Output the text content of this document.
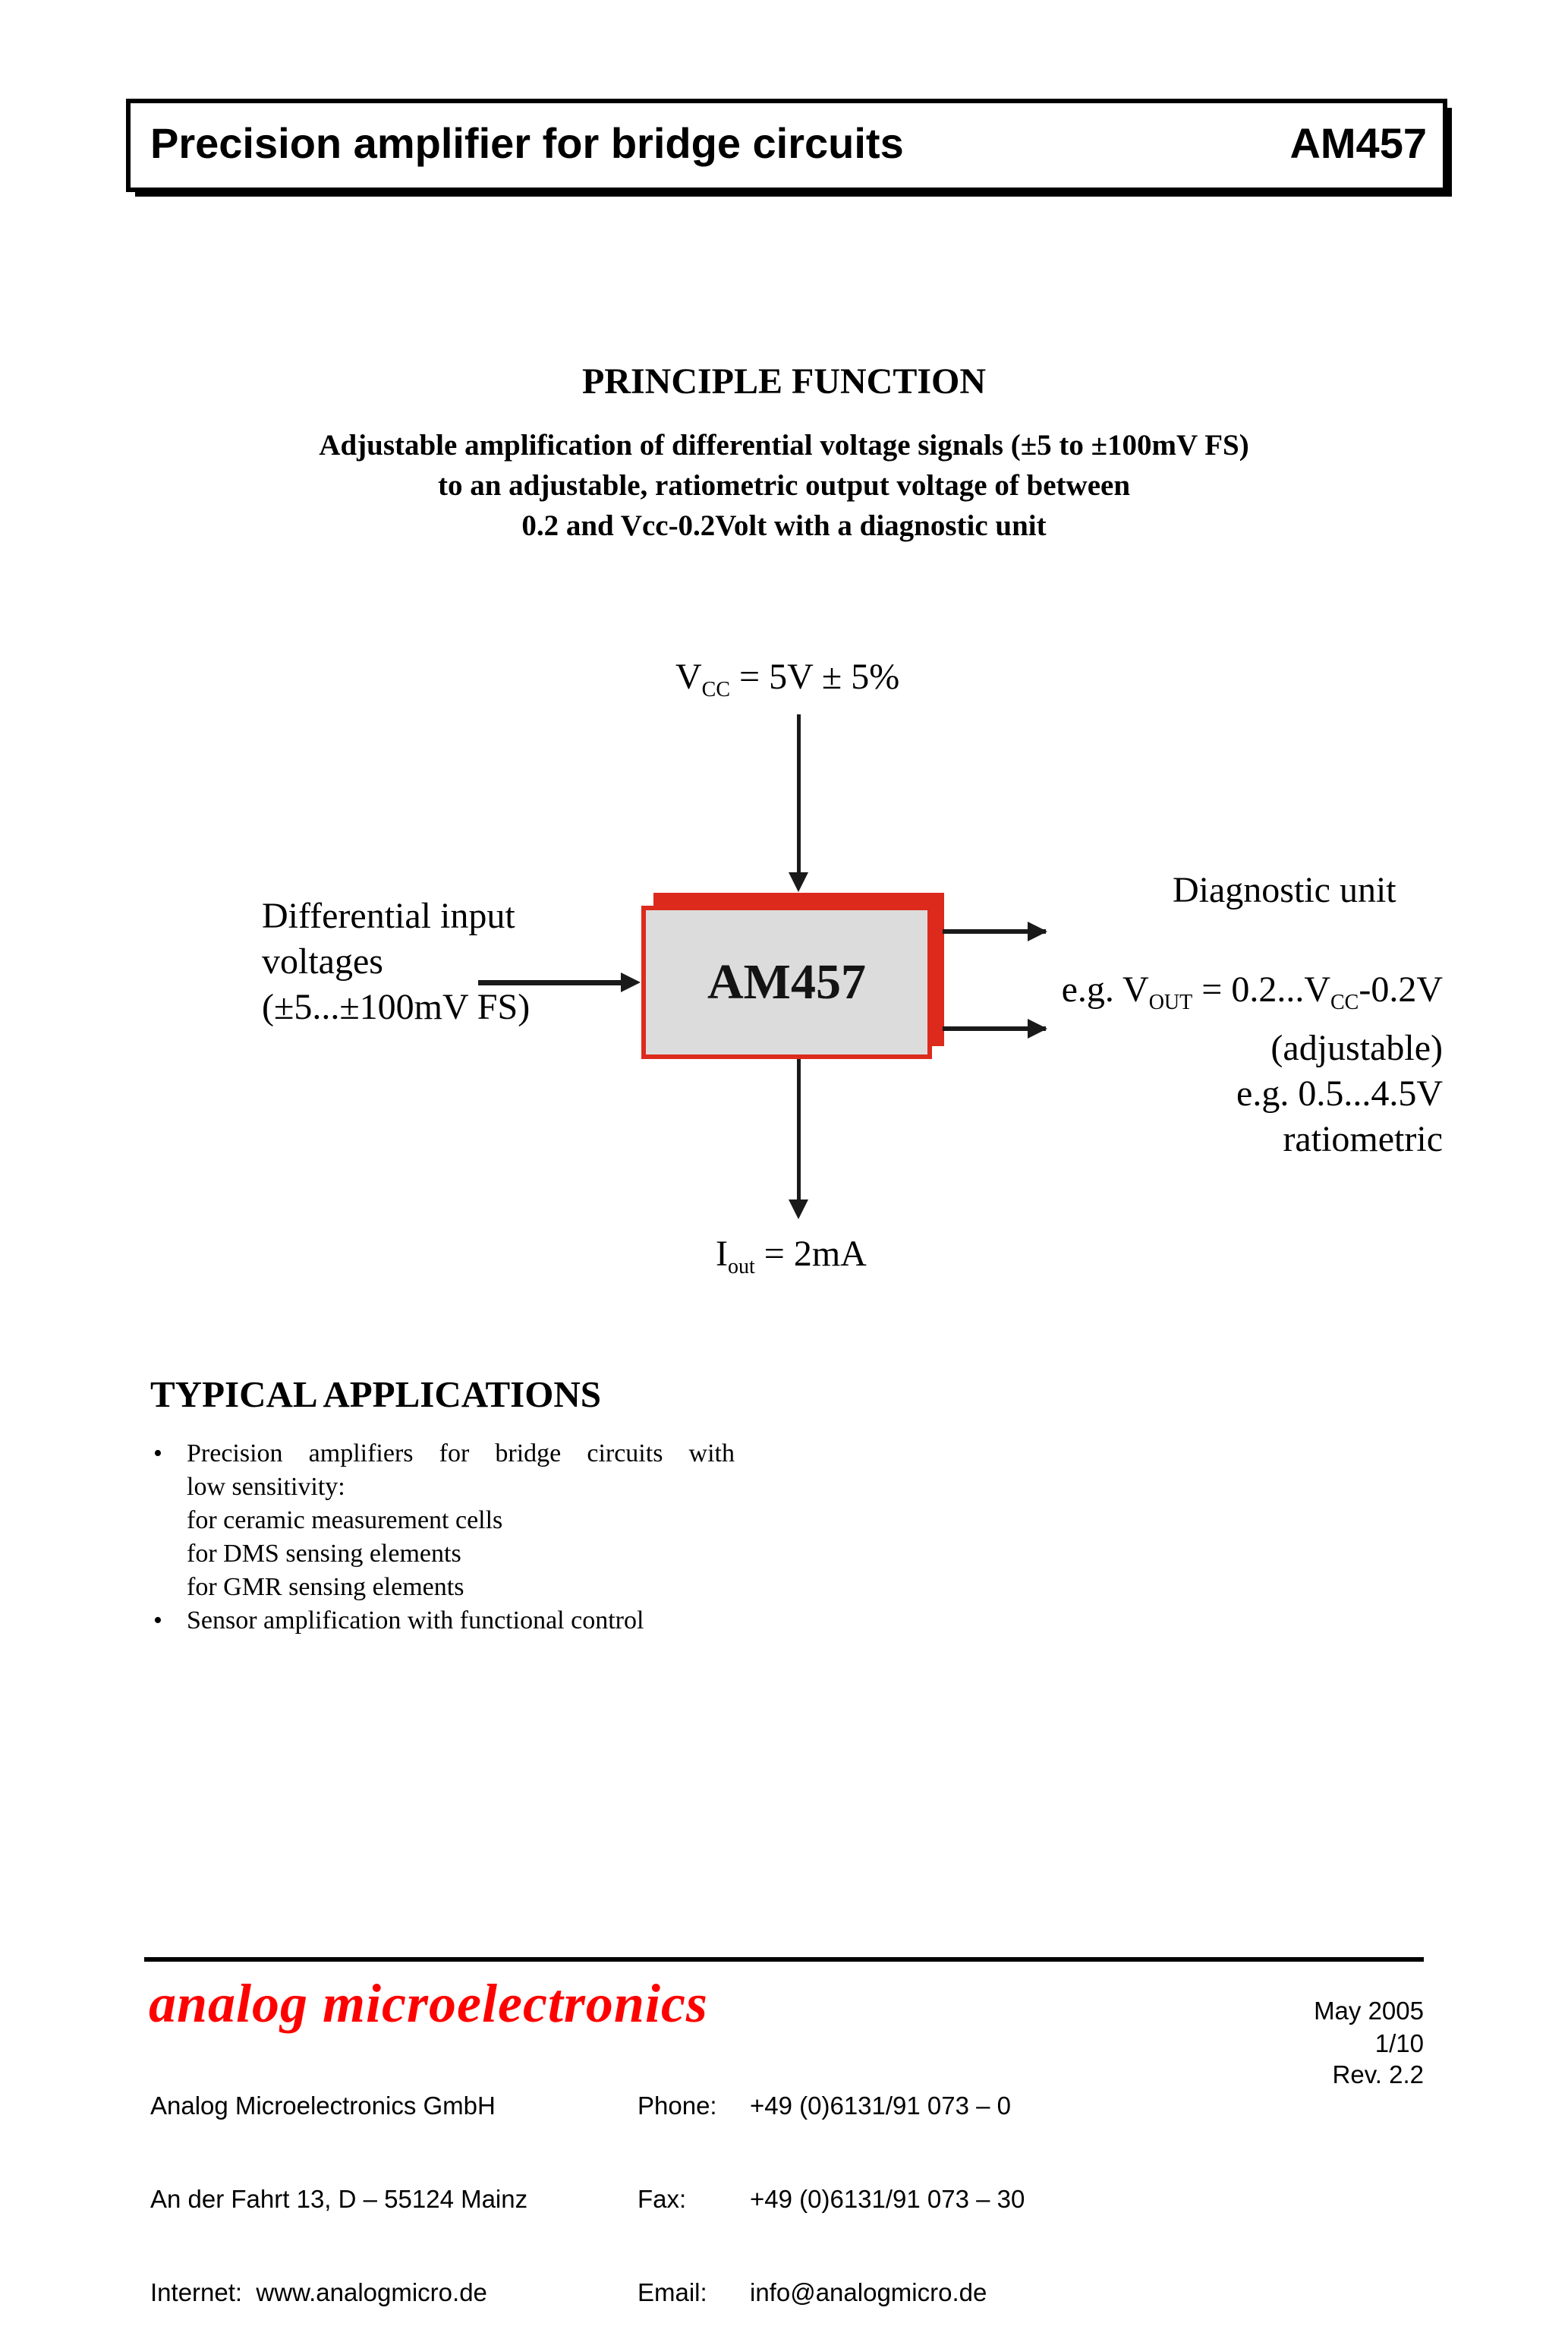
Precision amplifier for bridge circuits	AM457
PRINCIPLE FUNCTION
Adjustable amplification of differential voltage signals (±5 to ±100mV FS)
to an adjustable, ratiometric output voltage of between
0.2 and Vcc-0.2Volt with a diagnostic unit
$V_{CC} = 5V \pm 5\%$
AM457
Differential input
voltages
(±5...±100mV FS)
Diagnostic unit
e.g. $V_{OUT} = 0.2...V_{CC}-0.2V$
(adjustable)
e.g. 0.5...4.5V
ratiometric
$I_{out} = 2mA$
TYPICAL APPLICATIONS
• Precision amplifiers for bridge circuits with
low sensitivity:
for ceramic measurement cells
for DMS sensing elements
for GMR sensing elements
• Sensor amplification with functional control
analog microelectronics	May 2005

Analog Microelectronics GmbH

An der Fahrt 13, D – 55124 Mainz

Internet: www.analogmicro.de

Phone:

Fax:

Email:

+49 (0)6131/91 073 – 0

+49 (0)6131/91 073 – 30

info@analogmicro.de

1/10
Rev. 2.2
